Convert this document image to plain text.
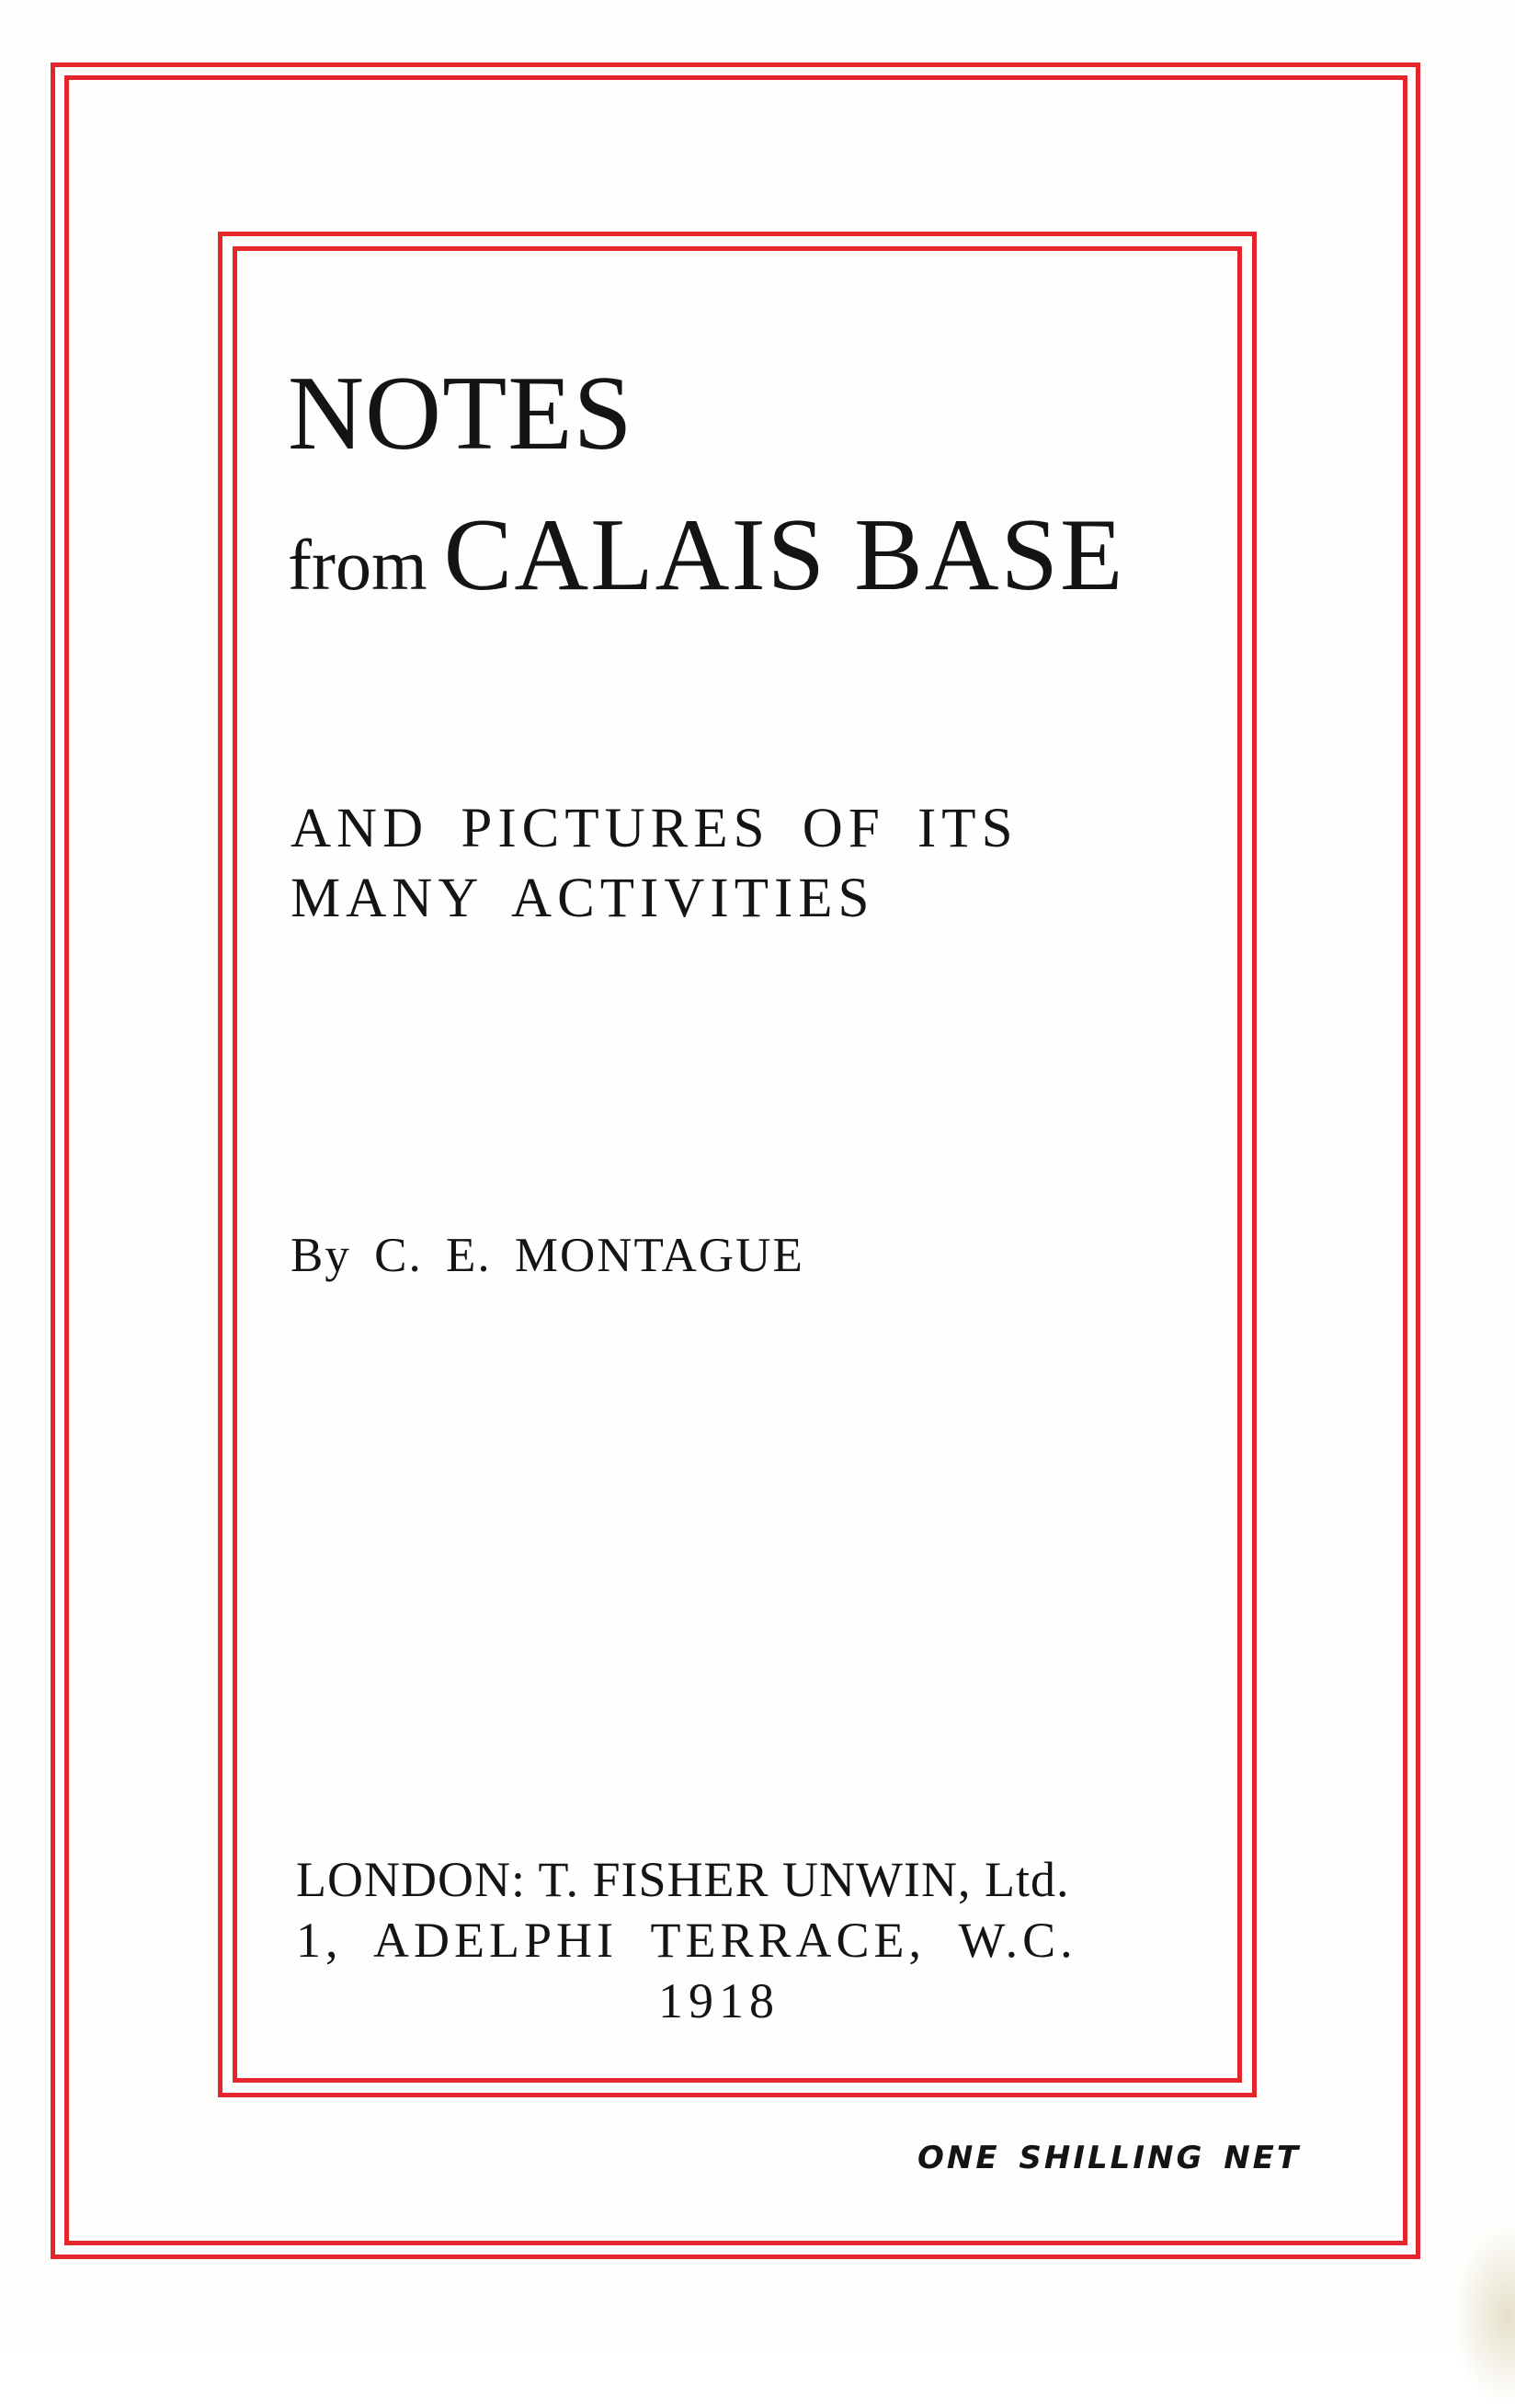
NOTES
from CALAIS BASE
AND PICTURES OF ITS
MANY ACTIVITIES
By C. E. MONTAGUE
LONDON: T. FISHER UNWIN, Ltd.
1, ADELPHI TERRACE, W.C.
1918
ONE SHILLING NET
